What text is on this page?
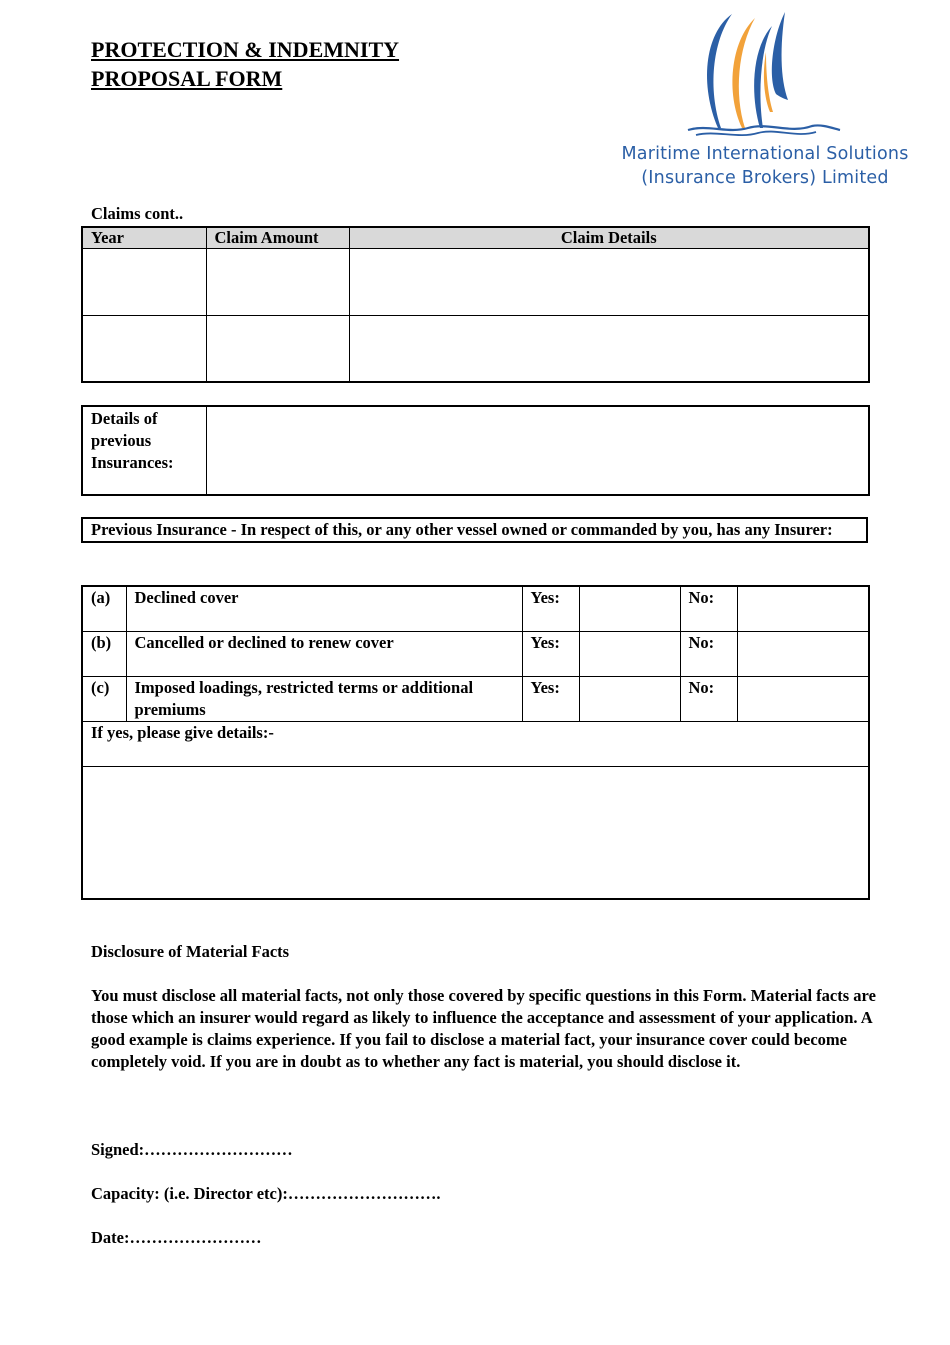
PROTECTION & INDEMNITY
PROPOSAL FORM
Maritime International Solutions
(Insurance Brokers) Limited
Claims cont..
Year	Claim Amount	Claim Details

Details of previous Insurances:	
Previous Insurance - In respect of this, or any other vessel owned or commanded by you, has any Insurer:
(a)	Declined cover	Yes:		No:	
(b)	Cancelled or declined to renew cover	Yes:		No:	
(c)	Imposed loadings, restricted terms or additional premiums	Yes:		No:	
If yes, please give details:-					

Disclosure of Material Facts
You must disclose all material facts, not only those covered by specific questions in this Form. Material facts are those which an insurer would regard as likely to influence the acceptance and assessment of your application. A good example is claims experience. If you fail to disclose a material fact, your insurance cover could become completely void. If you are in doubt as to whether any fact is material, you should disclose it.
Signed:………………………
Capacity: (i.e. Director etc):……………………….
Date:……………………
